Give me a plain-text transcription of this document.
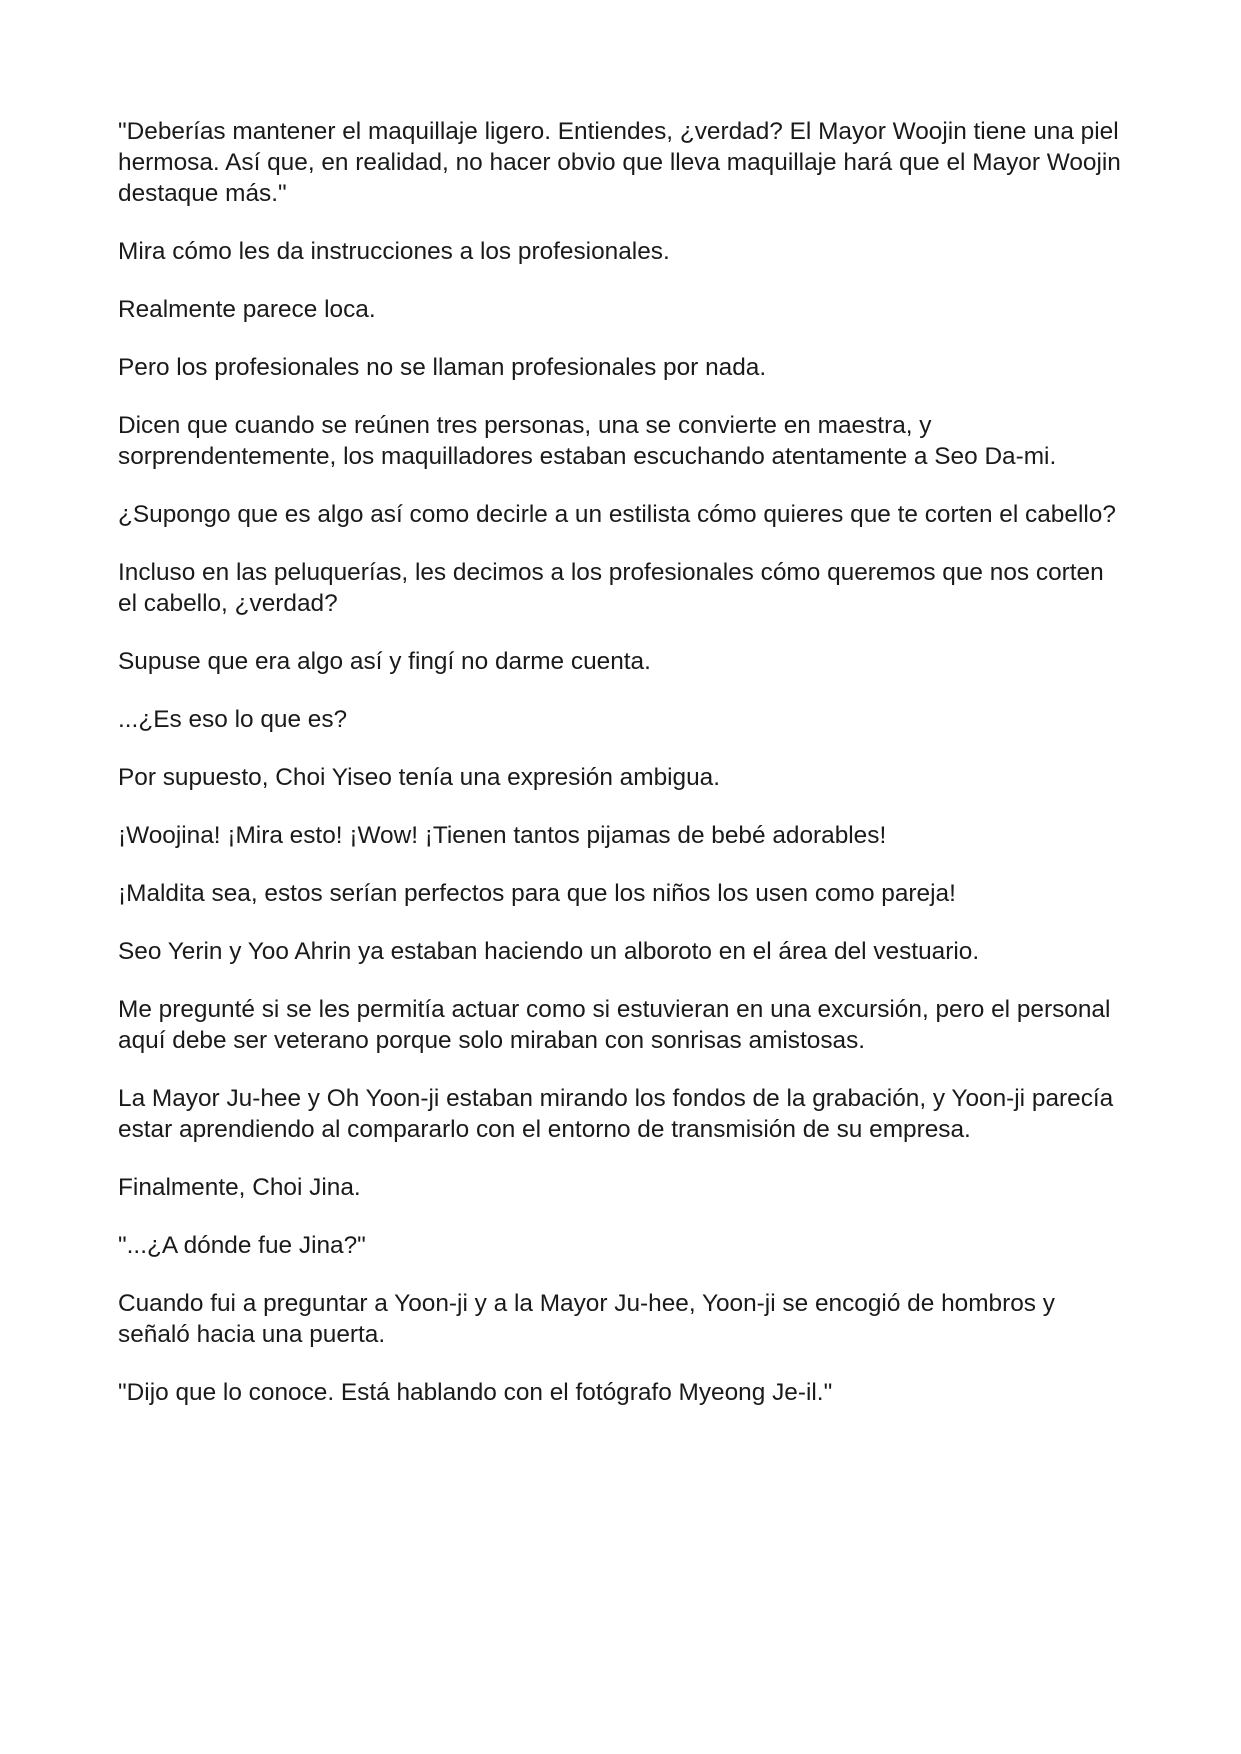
"Deberías mantener el maquillaje ligero. Entiendes, ¿verdad? El Mayor Woojin tiene una piel hermosa. Así que, en realidad, no hacer obvio que lleva maquillaje hará que el Mayor Woojin destaque más."

Mira cómo les da instrucciones a los profesionales.

Realmente parece loca.

Pero los profesionales no se llaman profesionales por nada.

Dicen que cuando se reúnen tres personas, una se convierte en maestra, y sorprendentemente, los maquilladores estaban escuchando atentamente a Seo Da-mi.

¿Supongo que es algo así como decirle a un estilista cómo quieres que te corten el cabello?

Incluso en las peluquerías, les decimos a los profesionales cómo queremos que nos corten el cabello, ¿verdad?

Supuse que era algo así y fingí no darme cuenta.

...¿Es eso lo que es?

Por supuesto, Choi Yiseo tenía una expresión ambigua.

¡Woojina! ¡Mira esto! ¡Wow! ¡Tienen tantos pijamas de bebé adorables!

¡Maldita sea, estos serían perfectos para que los niños los usen como pareja!

Seo Yerin y Yoo Ahrin ya estaban haciendo un alboroto en el área del vestuario.

Me pregunté si se les permitía actuar como si estuvieran en una excursión, pero el personal aquí debe ser veterano porque solo miraban con sonrisas amistosas.

La Mayor Ju-hee y Oh Yoon-ji estaban mirando los fondos de la grabación, y Yoon-ji parecía estar aprendiendo al compararlo con el entorno de transmisión de su empresa.

Finalmente, Choi Jina.

"...¿A dónde fue Jina?"

Cuando fui a preguntar a Yoon-ji y a la Mayor Ju-hee, Yoon-ji se encogió de hombros y señaló hacia una puerta.

"Dijo que lo conoce. Está hablando con el fotógrafo Myeong Je-il."
